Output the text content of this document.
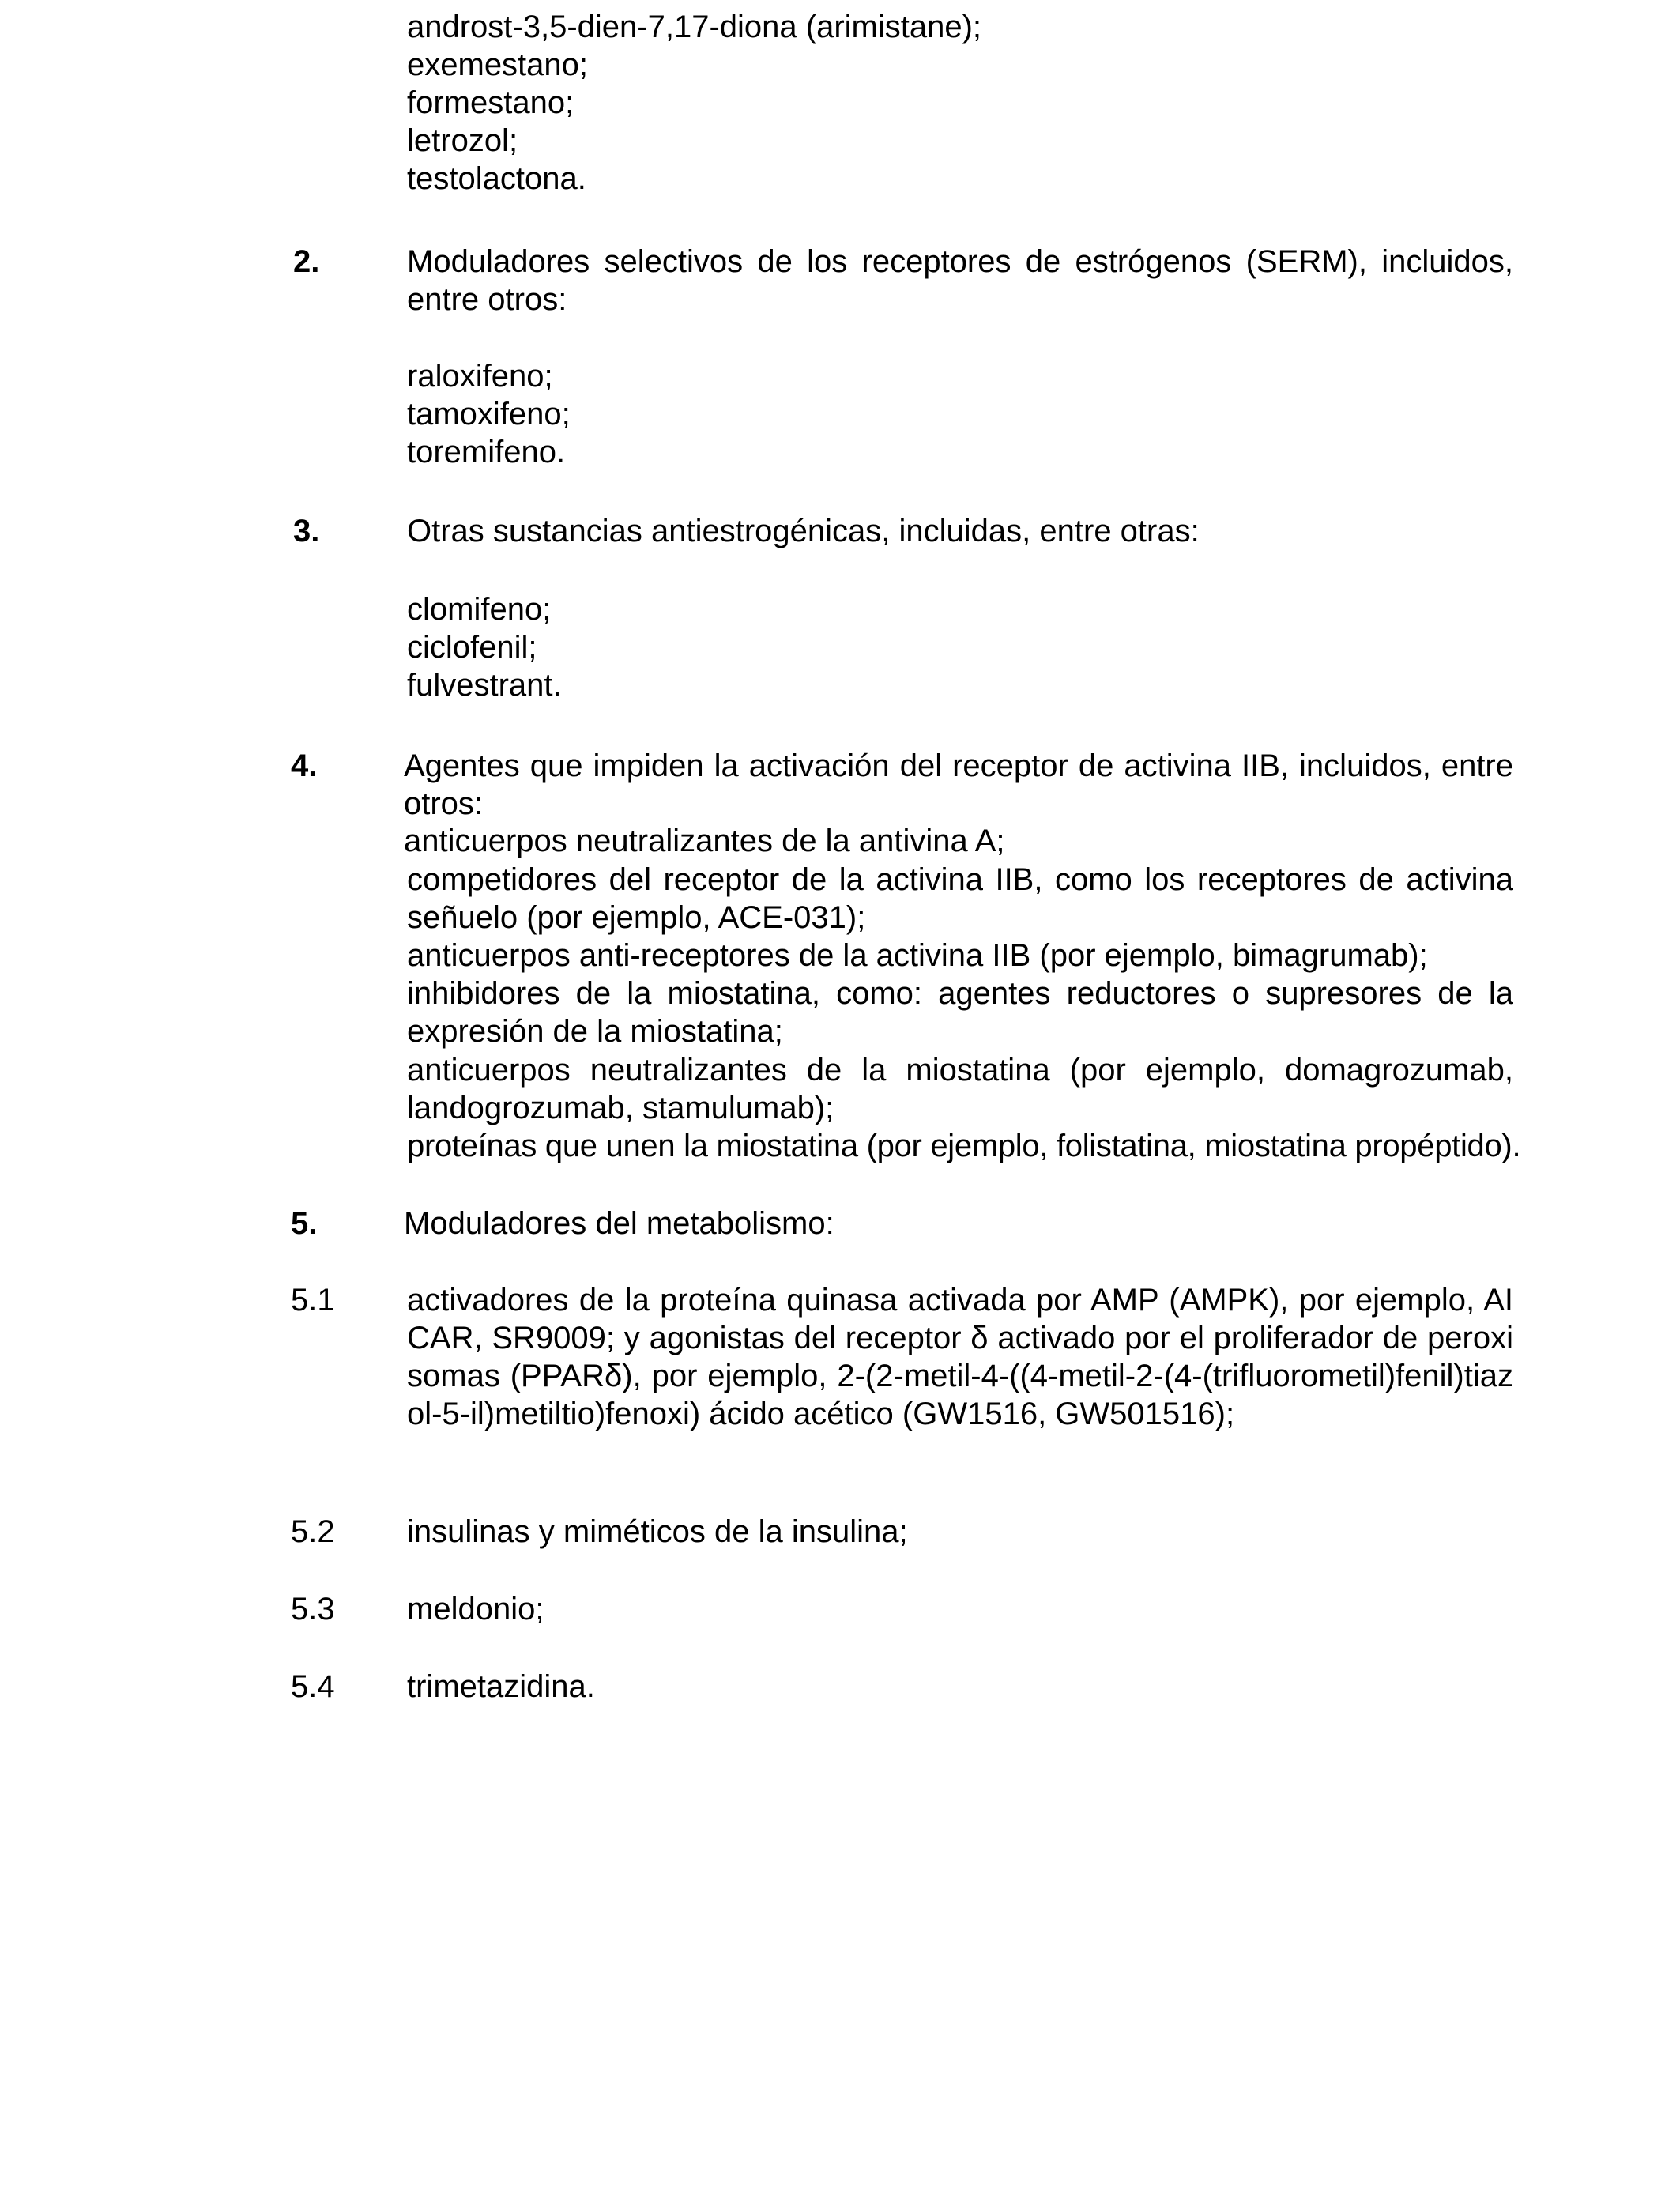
androst-3,5-dien-7,17-diona (arimistane);
exemestano;
formestano;
letrozol;
testolactona.
2.	Moduladores selectivos de los receptores de estrógenos (SERM), incluidos, entre otros:
raloxifeno;
tamoxifeno;
toremifeno.
3.	Otras sustancias antiestrogénicas, incluidas, entre otras:
clomifeno;
ciclofenil;
fulvestrant.
4.	Agentes que impiden la activación del receptor de activina IIB, incluidos, entre otros:
anticuerpos neutralizantes de la antivina A;
competidores del receptor de la activina IIB, como los receptores de activina señuelo (por ejemplo, ACE-031);
anticuerpos anti-receptores de la activina IIB (por ejemplo, bimagrumab);
inhibidores de la miostatina, como: agentes reductores o supresores de la expresión de la miostatina;
anticuerpos neutralizantes de la miostatina (por ejemplo, domagrozumab, landogrozumab, stamulumab);
proteínas que unen la miostatina (por ejemplo, folistatina, miostatina propéptido).
5.	Moduladores del metabolismo:
5.1 activadores de la proteína quinasa activada por AMP (AMPK), por ejemplo, AICAR, SR9009; y agonistas del receptor δ activado por el proliferador de peroxisomas (PPARδ), por ejemplo, 2-(2-metil-4-((4-metil-2-(4-(trifluorometil)fenil)tiazol-5-il)metiltio)fenoxi) ácido acético (GW1516, GW501516);
5.2 insulinas y miméticos de la insulina;
5.3 meldonio;
5.4 trimetazidina.
